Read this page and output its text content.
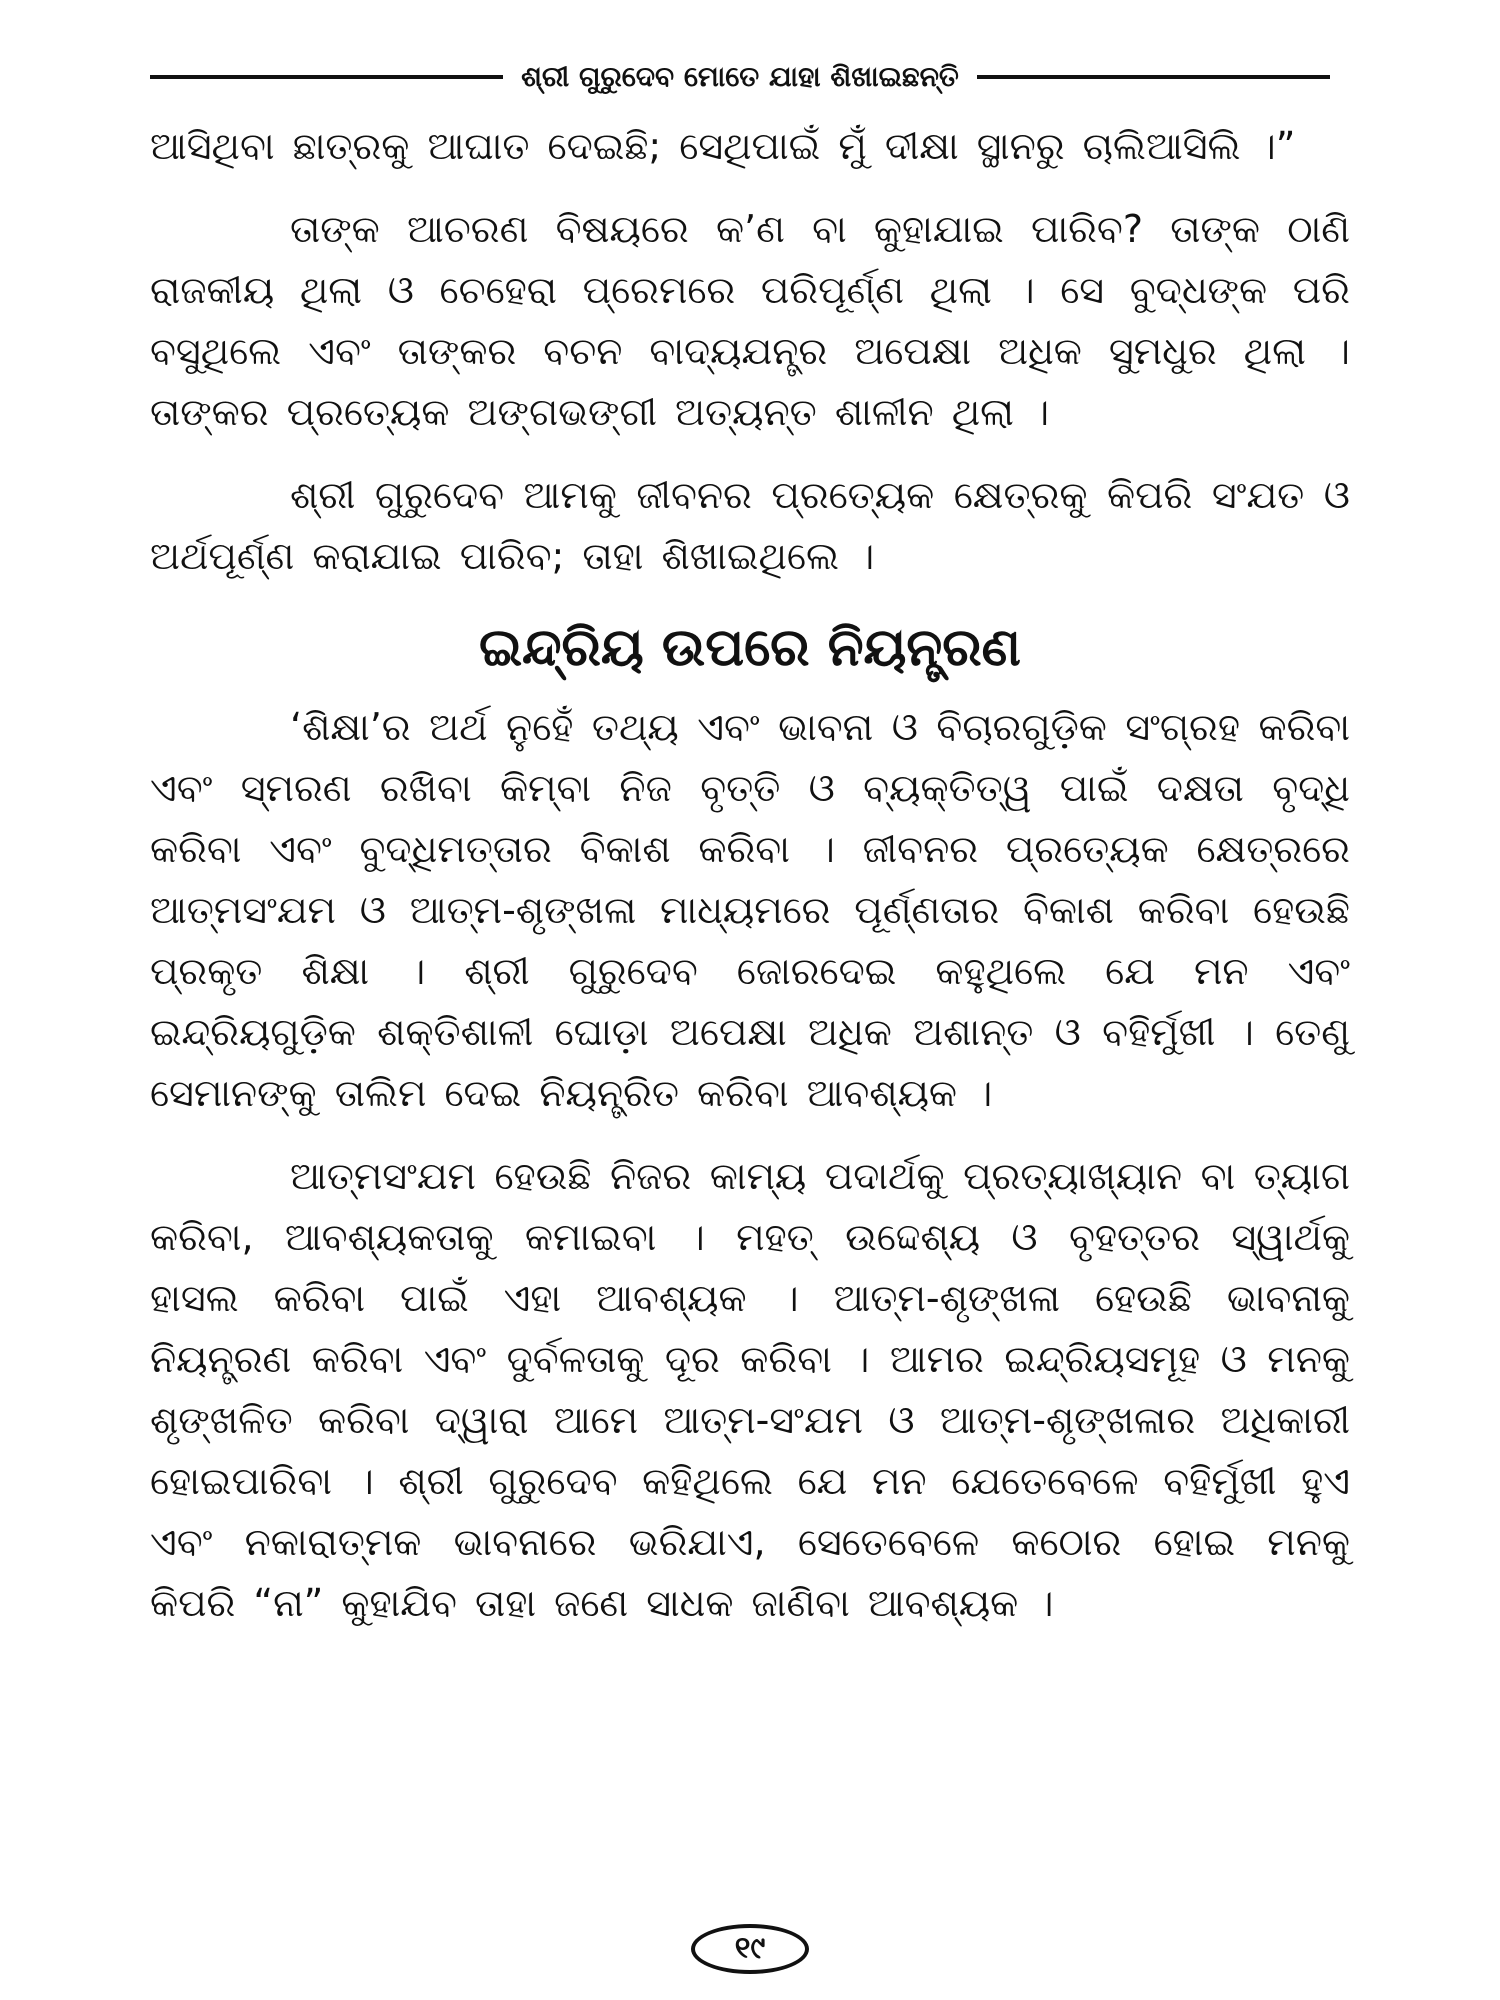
ଶ୍ରୀ ଗୁରୁଦେବ ମୋତେ ଯାହା ଶିଖାଇଛନ୍ତି

ଆସିଥିବା ଛାତ୍ରକୁ ଆଘାତ ଦେଇଛି; ସେଥିପାଇଁ ମୁଁ ଦୀକ୍ଷା ସ୍ଥାନରୁ ଚାଲିଆସିଲି ।”

ତାଙ୍କ ଆଚରଣ ବିଷୟରେ କ’ଣ ବା କୁହାଯାଇ ପାରିବ? ତାଙ୍କ ଠାଣି ରାଜକୀୟ ଥିଲା ଓ ଚେହେରା ପ୍ରେମରେ ପରିପୂର୍ଣ୍ଣ ଥିଲା । ସେ ବୁଦ୍ଧଙ୍କ ପରି ବସୁଥିଲେ ଏବଂ ତାଙ୍କର ବଚନ ବାଦ୍ୟଯନ୍ତ୍ର ଅପେକ୍ଷା ଅଧିକ ସୁମଧୁର ଥିଲା । ତାଙ୍କର ପ୍ରତ୍ୟେକ ଅଙ୍ଗଭଙ୍ଗୀ ଅତ୍ୟନ୍ତ ଶାଳୀନ ଥିଲା ।

ଶ୍ରୀ ଗୁରୁଦେବ ଆମକୁ ଜୀବନର ପ୍ରତ୍ୟେକ କ୍ଷେତ୍ରକୁ କିପରି ସଂଯତ ଓ ଅର୍ଥପୂର୍ଣ୍ଣ କରାଯାଇ ପାରିବ; ତାହା ଶିଖାଇଥିଲେ ।

ଇନ୍ଦ୍ରିୟ ଉପରେ ନିୟନ୍ତ୍ରଣ

‘ଶିକ୍ଷା’ର ଅର୍ଥ ନୁହେଁ ତଥ୍ୟ ଏବଂ ଭାବନା ଓ ବିଚାରଗୁଡ଼ିକ ସଂଗ୍ରହ କରିବା ଏବଂ ସ୍ମରଣ ରଖିବା କିମ୍ବା ନିଜ ବୃତ୍ତି ଓ ବ୍ୟକ୍ତିତ୍ୱ ପାଇଁ ଦକ୍ଷତା ବୃଦ୍ଧି କରିବା ଏବଂ ବୁଦ୍ଧିମତ୍ତାର ବିକାଶ କରିବା । ଜୀବନର ପ୍ରତ୍ୟେକ କ୍ଷେତ୍ରରେ ଆତ୍ମସଂଯମ ଓ ଆତ୍ମ-ଶୃଙ୍ଖଳା ମାଧ୍ୟମରେ ପୂର୍ଣ୍ଣତାର ବିକାଶ କରିବା ହେଉଛି ପ୍ରକୃତ ଶିକ୍ଷା । ଶ୍ରୀ ଗୁରୁଦେବ ଜୋରଦେଇ କହୁଥିଲେ ଯେ ମନ ଏବଂ ଇନ୍ଦ୍ରିୟଗୁଡ଼ିକ ଶକ୍ତିଶାଳୀ ଘୋଡ଼ା ଅପେକ୍ଷା ଅଧିକ ଅଶାନ୍ତ ଓ ବହିର୍ମୁଖୀ । ତେଣୁ ସେମାନଙ୍କୁ ତାଲିମ ଦେଇ ନିୟନ୍ତ୍ରିତ କରିବା ଆବଶ୍ୟକ ।

ଆତ୍ମସଂଯମ ହେଉଛି ନିଜର କାମ୍ୟ ପଦାର୍ଥକୁ ପ୍ରତ୍ୟାଖ୍ୟାନ ବା ତ୍ୟାଗ କରିବା, ଆବଶ୍ୟକତାକୁ କମାଇବା । ମହତ୍ ଉଦ୍ଦେଶ୍ୟ ଓ ବୃହତ୍ତର ସ୍ୱାର୍ଥକୁ ହାସଲ କରିବା ପାଇଁ ଏହା ଆବଶ୍ୟକ । ଆତ୍ମ-ଶୃଙ୍ଖଳା ହେଉଛି ଭାବନାକୁ ନିୟନ୍ତ୍ରଣ କରିବା ଏବଂ ଦୁର୍ବଳତାକୁ ଦୂର କରିବା । ଆମର ଇନ୍ଦ୍ରିୟସମୂହ ଓ ମନକୁ ଶୃଙ୍ଖଳିତ କରିବା ଦ୍ୱାରା ଆମେ ଆତ୍ମ-ସଂଯମ ଓ ଆତ୍ମ-ଶୃଙ୍ଖଳାର ଅଧିକାରୀ ହୋଇପାରିବା । ଶ୍ରୀ ଗୁରୁଦେବ କହିଥିଲେ ଯେ ମନ ଯେତେବେଳେ ବହିର୍ମୁଖୀ ହୁଏ ଏବଂ ନକାରାତ୍ମକ ଭାବନାରେ ଭରିଯାଏ, ସେତେବେଳେ କଠୋର ହୋଇ ମନକୁ କିପରି “ନା” କୁହାଯିବ ତାହା ଜଣେ ସାଧକ ଜାଣିବା ଆବଶ୍ୟକ ।

୧୯
